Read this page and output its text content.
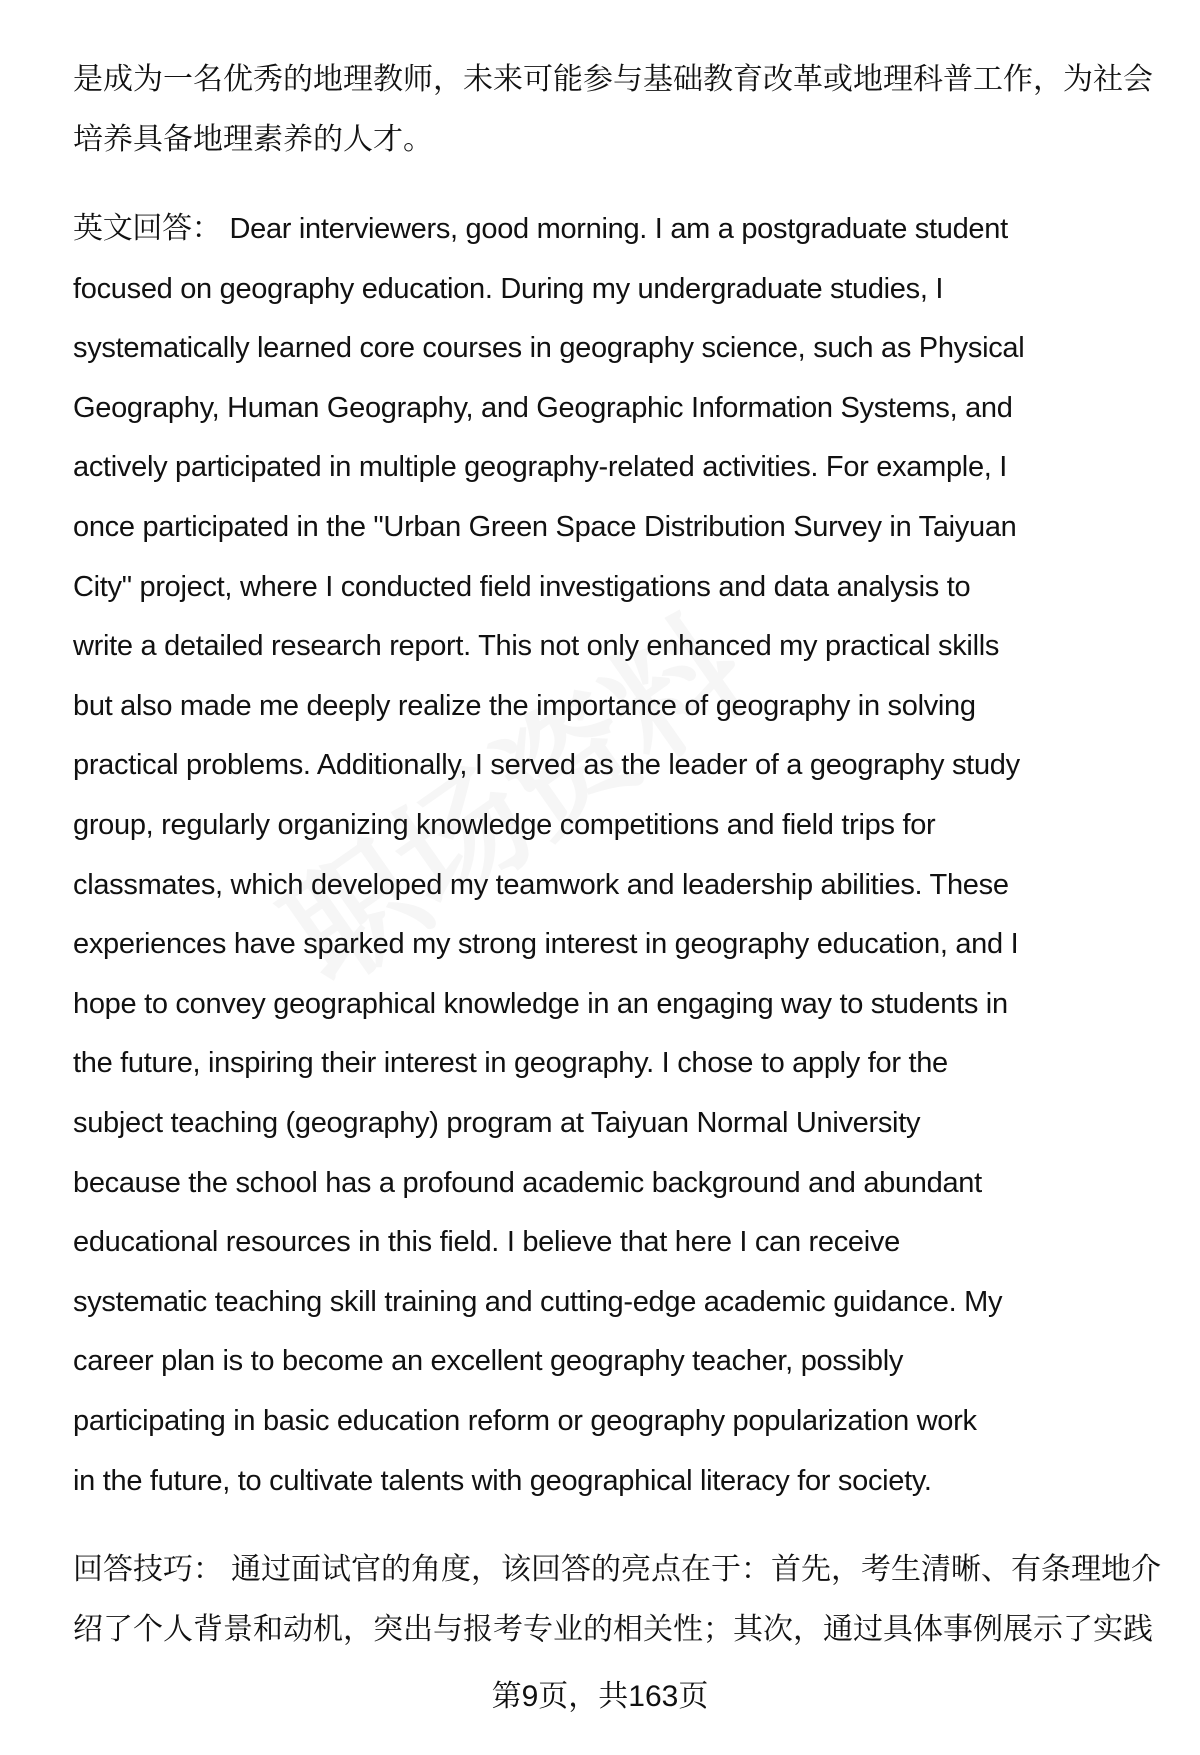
是成为一名优秀的地理教师，未来可能参与基础教育改革或地理科普工作，为社会
培养具备地理素养的人才。
英文回答： Dear interviewers, good morning. I am a postgraduate student
focused on geography education. During my undergraduate studies, I
systematically learned core courses in geography science, such as Physical
Geography, Human Geography, and Geographic Information Systems, and
actively participated in multiple geography-related activities. For example, I
once participated in the "Urban Green Space Distribution Survey in Taiyuan
City" project, where I conducted field investigations and data analysis to
write a detailed research report. This not only enhanced my practical skills
but also made me deeply realize the importance of geography in solving
practical problems. Additionally, I served as the leader of a geography study
group, regularly organizing knowledge competitions and field trips for
classmates, which developed my teamwork and leadership abilities. These
experiences have sparked my strong interest in geography education, and I
hope to convey geographical knowledge in an engaging way to students in
the future, inspiring their interest in geography. I chose to apply for the
subject teaching (geography) program at Taiyuan Normal University
because the school has a profound academic background and abundant
educational resources in this field. I believe that here I can receive
systematic teaching skill training and cutting-edge academic guidance. My
career plan is to become an excellent geography teacher, possibly
participating in basic education reform or geography popularization work
in the future, to cultivate talents with geographical literacy for society.
回答技巧： 通过面试官的角度，该回答的亮点在于：首先，考生清晰、有条理地介
绍了个人背景和动机，突出与报考专业的相关性；其次，通过具体事例展示了实践
第9页，共163页
